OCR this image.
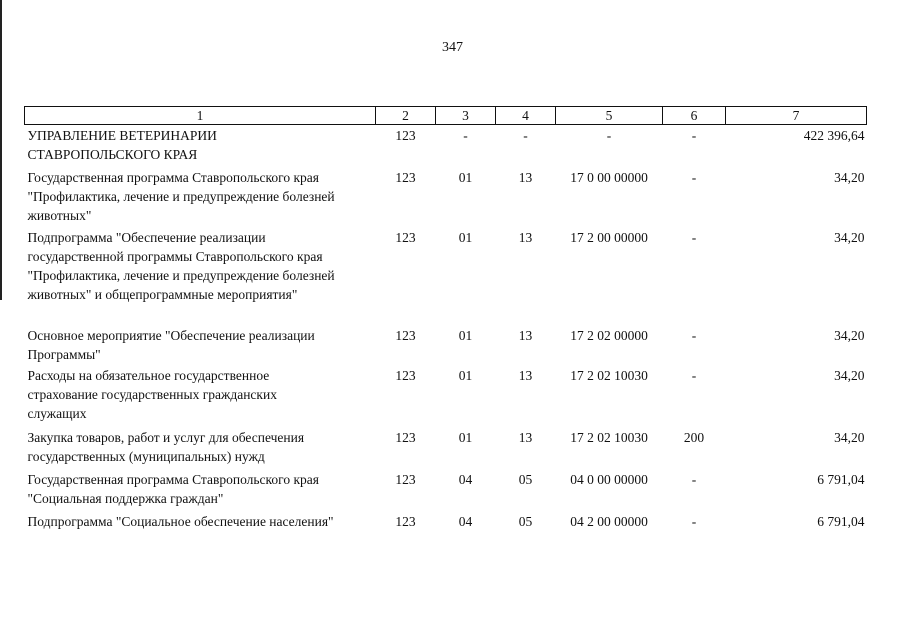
347
1	2	3	4	5	6	7

УПРАВЛЕНИЕ ВЕТЕРИНАРИИ
СТАВРОПОЛЬСКОГО КРАЯ	123	-	-	-	-	422 396,64

Государственная программа Ставропольского края
"Профилактика, лечение и предупреждение болезней
животных"	123	01	13	17 0 00 00000	-	34,20

Подпрограмма "Обеспечение реализации
государственной программы Ставропольского края
"Профилактика, лечение и предупреждение болезней
животных" и общепрограммные мероприятия"	123	01	13	17 2 00 00000	-	34,20

Основное мероприятие "Обеспечение реализации
Программы"	123	01	13	17 2 02 00000	-	34,20

Расходы на обязательное государственное
страхование государственных гражданских
служащих	123	01	13	17 2 02 10030	-	34,20

Закупка товаров, работ и услуг для обеспечения
государственных (муниципальных) нужд	123	01	13	17 2 02 10030	200	34,20

Государственная программа Ставропольского края
"Социальная поддержка граждан"	123	04	05	04 0 00 00000	-	6 791,04

Подпрограмма "Социальное обеспечение населения"	123	04	05	04 2 00 00000	-	6 791,04
